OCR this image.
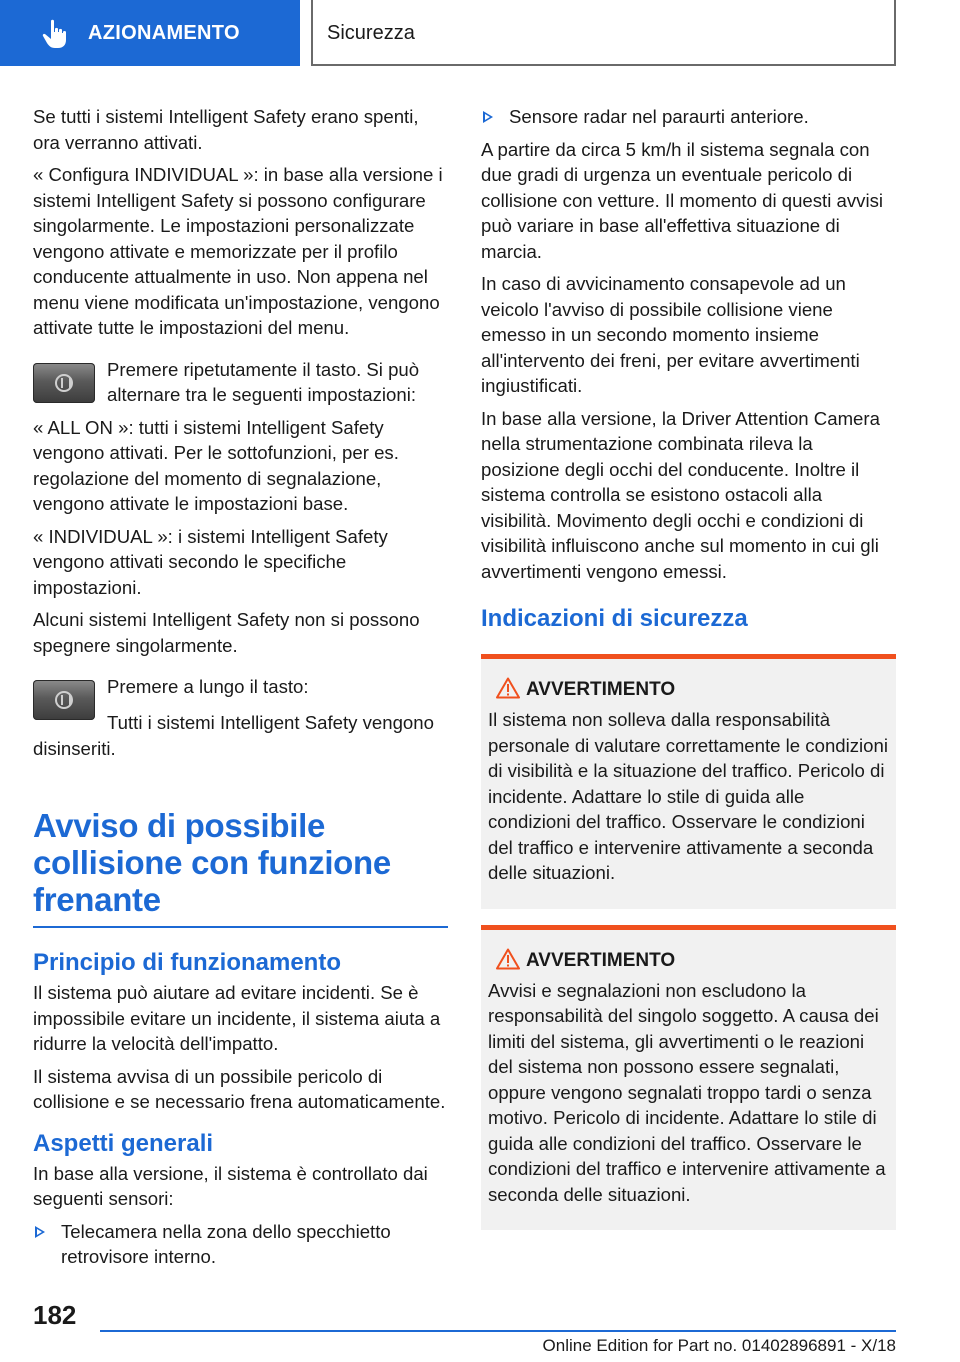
AZIONAMENTO	Sicurezza

Se tutti i sistemi Intelligent Safety erano spenti, ora verranno attivati.

« Configura INDIVIDUAL »: in base alla versione i sistemi Intelligent Safety si possono configurare singolarmente. Le impostazioni personalizzate vengono attivate e memorizzate per il profilo conducente attualmente in uso. Non appena nel menu viene modificata un'impostazione, vengono attivate tutte le impostazioni del menu.

Premere ripetutamente il tasto. Si può alternare tra le seguenti impostazioni:

« ALL ON »: tutti i sistemi Intelligent Safety vengono attivati. Per le sottofunzioni, per es. regolazione del momento di segnalazione, vengono attivate le impostazioni base.

« INDIVIDUAL »: i sistemi Intelligent Safety vengono attivati secondo le specifiche impostazioni.

Alcuni sistemi Intelligent Safety non si possono spegnere singolarmente.

Premere a lungo il tasto:

Tutti i sistemi Intelligent Safety vengono disinseriti.

Avviso di possibile collisione con funzione frenante
Principio di funzionamento

Il sistema può aiutare ad evitare incidenti. Se è impossibile evitare un incidente, il sistema aiuta a ridurre la velocità dell'impatto.

Il sistema avvisa di un possibile pericolo di collisione e se necessario frena automaticamente.

Aspetti generali

In base alla versione, il sistema è controllato dai seguenti sensori:

Telecamera nella zona dello specchietto retrovisore interno.
Sensore radar nel paraurti anteriore.

A partire da circa 5 km/h il sistema segnala con due gradi di urgenza un eventuale pericolo di collisione con vetture. Il momento di questi avvisi può variare in base all'effettiva situazione di marcia.

In caso di avvicinamento consapevole ad un veicolo l'avviso di possibile collisione viene emesso in un secondo momento insieme all'intervento dei freni, per evitare avvertimenti ingiustificati.

In base alla versione, la Driver Attention Camera nella strumentazione combinata rileva la posizione degli occhi del conducente. Inoltre il sistema controlla se esistono ostacoli alla visibilità. Movimento degli occhi e condizioni di visibilità influiscono anche sul momento in cui gli avvertimenti vengono emessi.

Indicazioni di sicurezza
AVVERTIMENTO

Il sistema non solleva dalla responsabilità personale di valutare correttamente le condizioni di visibilità e la situazione del traffico. Pericolo di incidente. Adattare lo stile di guida alle condizioni del traffico. Osservare le condizioni del traffico e intervenire attivamente a seconda delle situazioni.

AVVERTIMENTO

Avvisi e segnalazioni non escludono la responsabilità del singolo soggetto. A causa dei limiti del sistema, gli avvertimenti o le reazioni del sistema non possono essere segnalati, oppure vengono segnalati troppo tardi o senza motivo. Pericolo di incidente. Adattare lo stile di guida alle condizioni del traffico. Osservare le condizioni del traffico e intervenire attivamente a seconda delle situazioni.

182
Online Edition for Part no. 01402896891 - X/18
